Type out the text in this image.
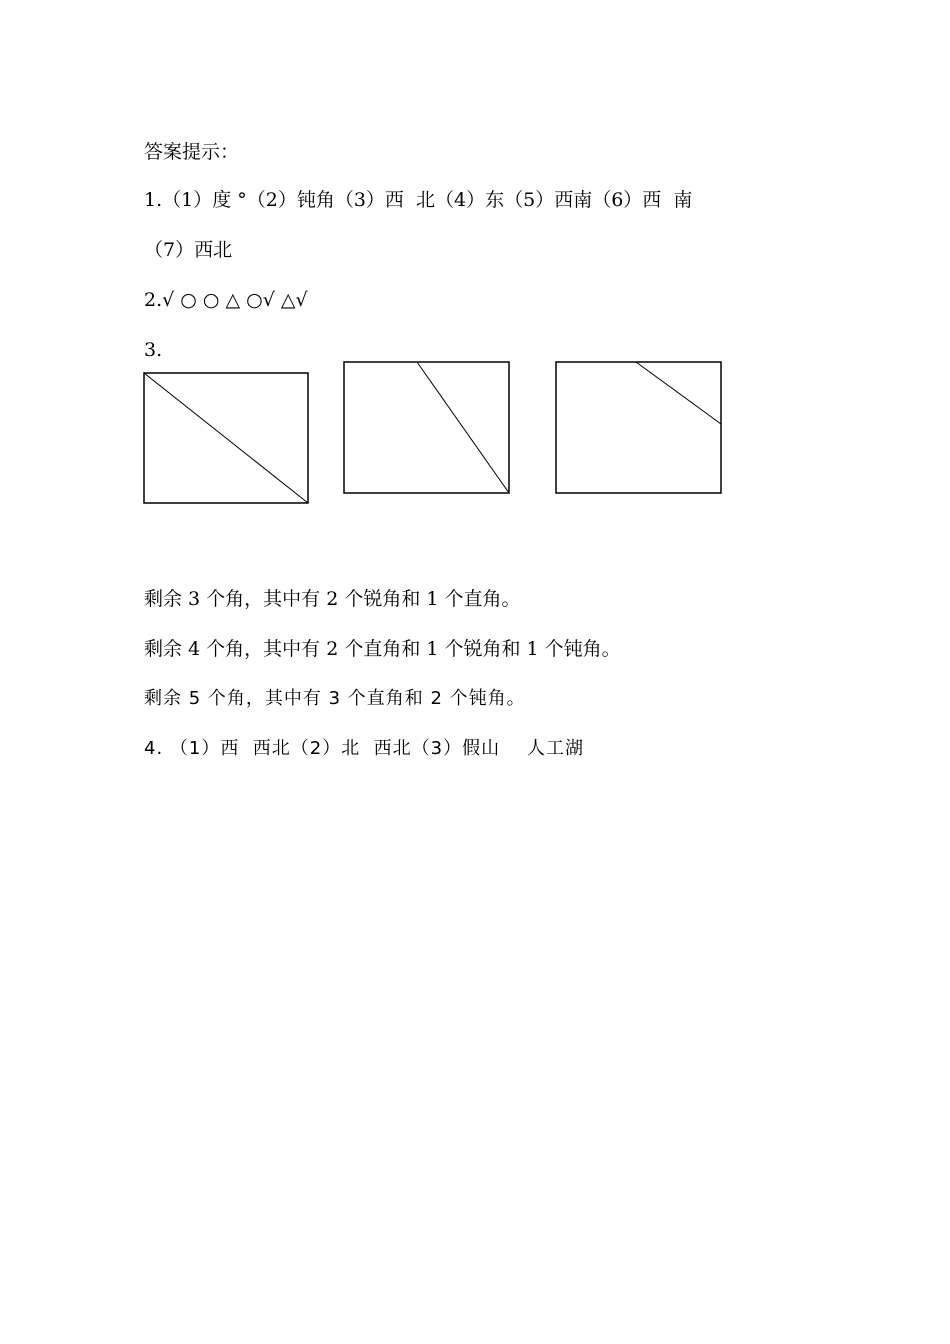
答案提示：
1.（1）度 °（2）钝角（3）西  北（4）东（5）西南（6）西  南
（7）西北
2.√ ○ ○ △ ○√ △√
3.
剩余 3 个角，其中有 2 个锐角和 1 个直角。
剩余 4 个角，其中有 2 个直角和 1 个锐角和 1 个钝角。
剩余 5 个角，其中有 3 个直角和 2 个钝角。
4. （1）西  西北（2）北  西北（3）假山    人工湖
